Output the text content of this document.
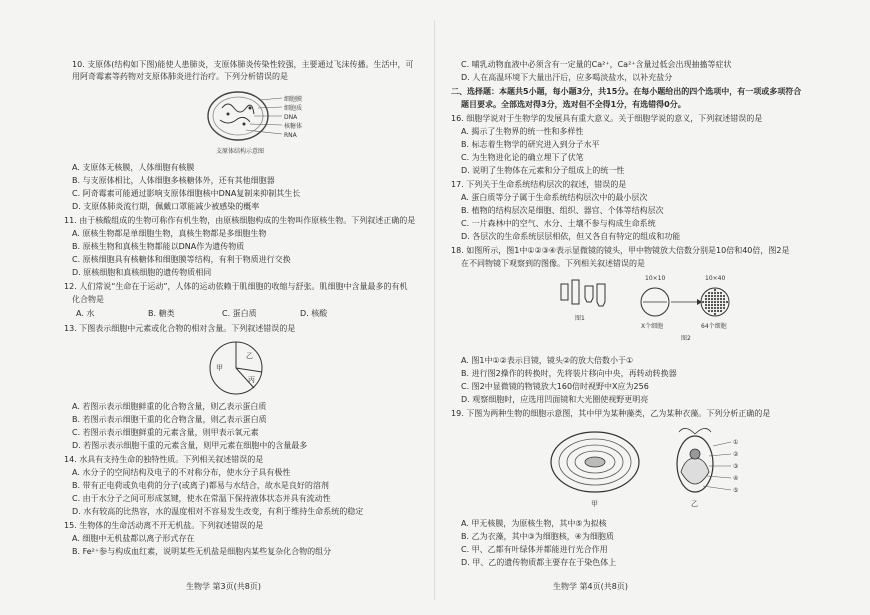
10. 支原体(结构如下图)能使人患肺炎，支原体肺炎传染性较强，主要通过飞沫传播。生活中，可
用阿奇霉素等药物对支原体肺炎进行治疗。下列分析错误的是
细胞膜
细胞质
DNA
核糖体
RNA
支原体结构示意图
A. 支原体无核膜，人体细胞有核膜
B. 与支原体相比，人体细胞多核糖体外，还有其他细胞器
C. 阿奇霉素可能通过影响支原体细胞核中DNA复制来抑制其生长
D. 支原体肺炎流行期，佩戴口罩能减少被感染的概率
11. 由于核酸组成的生物可称作有机生物，由原核细胞构成的生物叫作原核生物。下列叙述正确的是
A. 原核生物都是单细胞生物，真核生物都是多细胞生物
B. 原核生物和真核生物都能以DNA作为遗传物质
C. 原核细胞具有核糖体和细胞膜等结构，有利于物质进行交换
D. 原核细胞和真核细胞的遗传物质相同
12. 人们常说“生命在于运动”，人体的运动依赖于肌细胞的收缩与舒张。肌细胞中含量最多的有机
化合物是
A. 水	B. 糖类	C. 蛋白质	D. 核酸
13. 下图表示细胞中元素或化合物的相对含量。下列叙述错误的是
甲
乙
丙
A. 若图示表示细胞鲜重的化合物含量，则乙表示蛋白质
B. 若图示表示细胞干重的化合物含量，则乙表示蛋白质
C. 若图示表示细胞鲜重的元素含量，则甲表示氧元素
D. 若图示表示细胞干重的元素含量，则甲元素在细胞中的含量最多
14. 水具有支持生命的独特性质。下列相关叙述错误的是
A. 水分子的空间结构及电子的不对称分布，使水分子具有极性
B. 带有正电荷或负电荷的分子(或离子)都易与水结合，故水是良好的溶剂
C. 由于水分子之间可形成氢键，使水在常温下保持液体状态并具有流动性
D. 水有较高的比热容，水的温度相对不容易发生改变，有利于维持生命系统的稳定
15. 生物体的生命活动离不开无机盐。下列叙述错误的是
A. 细胞中无机盐都以离子形式存在
B. Fe²⁺参与构成血红素，说明某些无机盐是细胞内某些复杂化合物的组分
生物学 第3页(共8页)
C. 哺乳动物血液中必须含有一定量的Ca²⁺，Ca²⁺含量过低会出现抽搐等症状
D. 人在高温环境下大量出汗后，应多喝淡盐水，以补充盐分
二、选择题：本题共5小题，每小题3分，共15分。在每小题给出的四个选项中，有一项或多项符合
题目要求。全部选对得3分，选对但不全得1分，有选错得0分。
16. 细胞学说对于生物学的发展具有重大意义。关于细胞学说的意义，下列叙述错误的是
A. 揭示了生物界的统一性和多样性
B. 标志着生物学的研究进入到分子水平
C. 为生物进化论的确立埋下了伏笔
D. 说明了生物体在元素和分子组成上的统一性
17. 下列关于生命系统结构层次的叙述，错误的是
A. 蛋白质等分子属于生命系统结构层次中的最小层次
B. 植物的结构层次是细胞、组织、器官、个体等结构层次
C. 一片森林中的空气、水分、土壤不参与构成生命系统
D. 各层次的生命系统层层相依，但又各自有特定的组成和功能
18. 如图所示，图1中①②③④表示显微镜的镜头，甲中物镜放大倍数分别是10倍和40倍，图2是
在不同物镜下观察到的图像。下列相关叙述错误的是
图1
10×10	10×40
X个细胞	64个细胞
图2
A. 图1中①②表示目镜，镜头②的放大倍数小于①
B. 进行图2操作的转换时，先将装片移向中央，再转动转换器
C. 图2中显微镜的物镜放大160倍时视野中X应为256
D. 观察细胞时，应选用凹面镜和大光圈使视野更明亮
19. 下图为两种生物的细胞示意图，其中甲为某种藻类，乙为某种衣藻。下列分析正确的是
甲
①
②
③
④
⑤
乙
A. 甲无核膜，为原核生物，其中⑤为拟核
B. 乙为衣藻，其中③为细胞核，④为细胞质
C. 甲、乙都有叶绿体并都能进行光合作用
D. 甲、乙的遗传物质都主要存在于染色体上
生物学 第4页(共8页)
